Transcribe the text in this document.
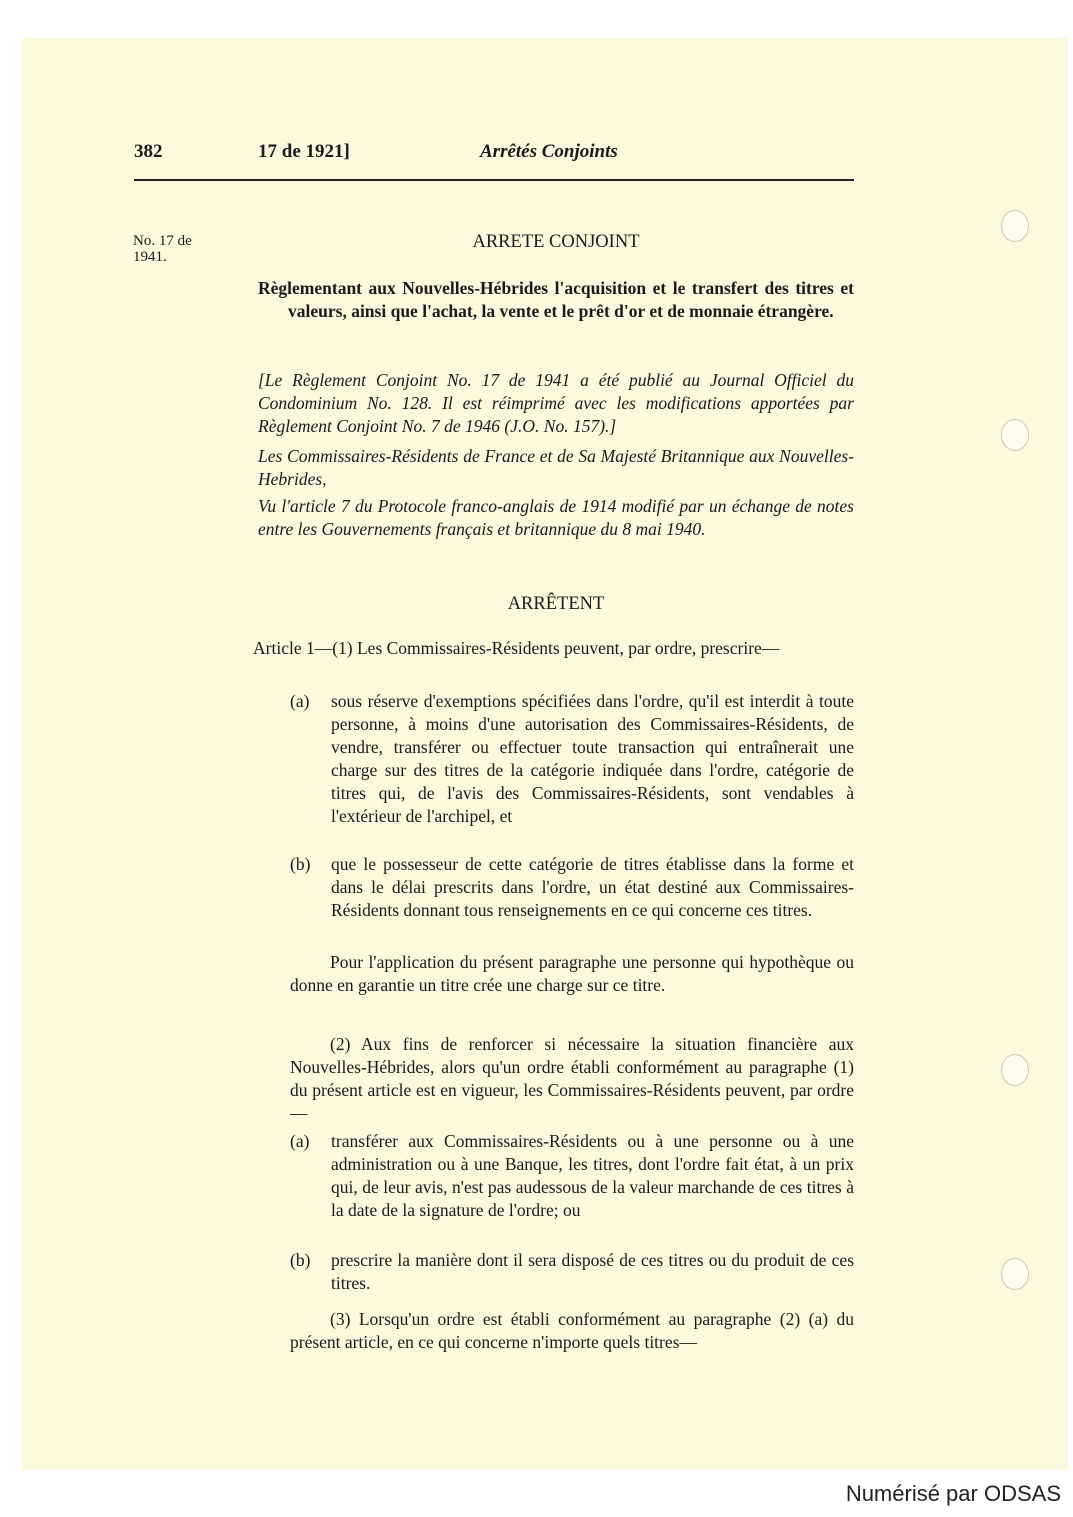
382	17 de 1921]	Arrêtés Conjoints
No. 17 de
1941.
ARRETE CONJOINT
Règlementant aux Nouvelles-Hébrides l'acquisition et le transfert des titres et valeurs, ainsi que l'achat, la vente et le prêt d'or et de monnaie étrangère.
[Le Règlement Conjoint No. 17 de 1941 a été publié au Journal Officiel du Condominium No. 128. Il est réimprimé avec les modifications apportées par Règlement Conjoint No. 7 de 1946 (J.O. No. 157).]
Les Commissaires-Résidents de France et de Sa Majesté Britannique aux Nouvelles-Hebrides,
Vu l'article 7 du Protocole franco-anglais de 1914 modifié par un échange de notes entre les Gouvernements français et britannique du 8 mai 1940.
ARRÊTENT
Article 1—(1) Les Commissaires-Résidents peuvent, par ordre, prescrire—
(a) sous réserve d'exemptions spécifiées dans l'ordre, qu'il est interdit à toute personne, à moins d'une autorisation des Commissaires-Résidents, de vendre, transférer ou effectuer toute transaction qui entraînerait une charge sur des titres de la catégorie indiquée dans l'ordre, catégorie de titres qui, de l'avis des Commissaires-Résidents, sont vendables à l'extérieur de l'archipel, et
(b) que le possesseur de cette catégorie de titres établisse dans la forme et dans le délai prescrits dans l'ordre, un état destiné aux Commissaires-Résidents donnant tous renseignements en ce qui concerne ces titres.
Pour l'application du présent paragraphe une personne qui hypothèque ou donne en garantie un titre crée une charge sur ce titre.
(2) Aux fins de renforcer si nécessaire la situation financière aux Nouvelles-Hébrides, alors qu'un ordre établi conformément au paragraphe (1) du présent article est en vigueur, les Commissaires-Résidents peuvent, par ordre—
(a) transférer aux Commissaires-Résidents ou à une personne ou à une administration ou à une Banque, les titres, dont l'ordre fait état, à un prix qui, de leur avis, n'est pas audessous de la valeur marchande de ces titres à la date de la signature de l'ordre; ou
(b) prescrire la manière dont il sera disposé de ces titres ou du produit de ces titres.
(3) Lorsqu'un ordre est établi conformément au paragraphe (2) (a) du présent article, en ce qui concerne n'importe quels titres—
Numérisé par ODSAS
